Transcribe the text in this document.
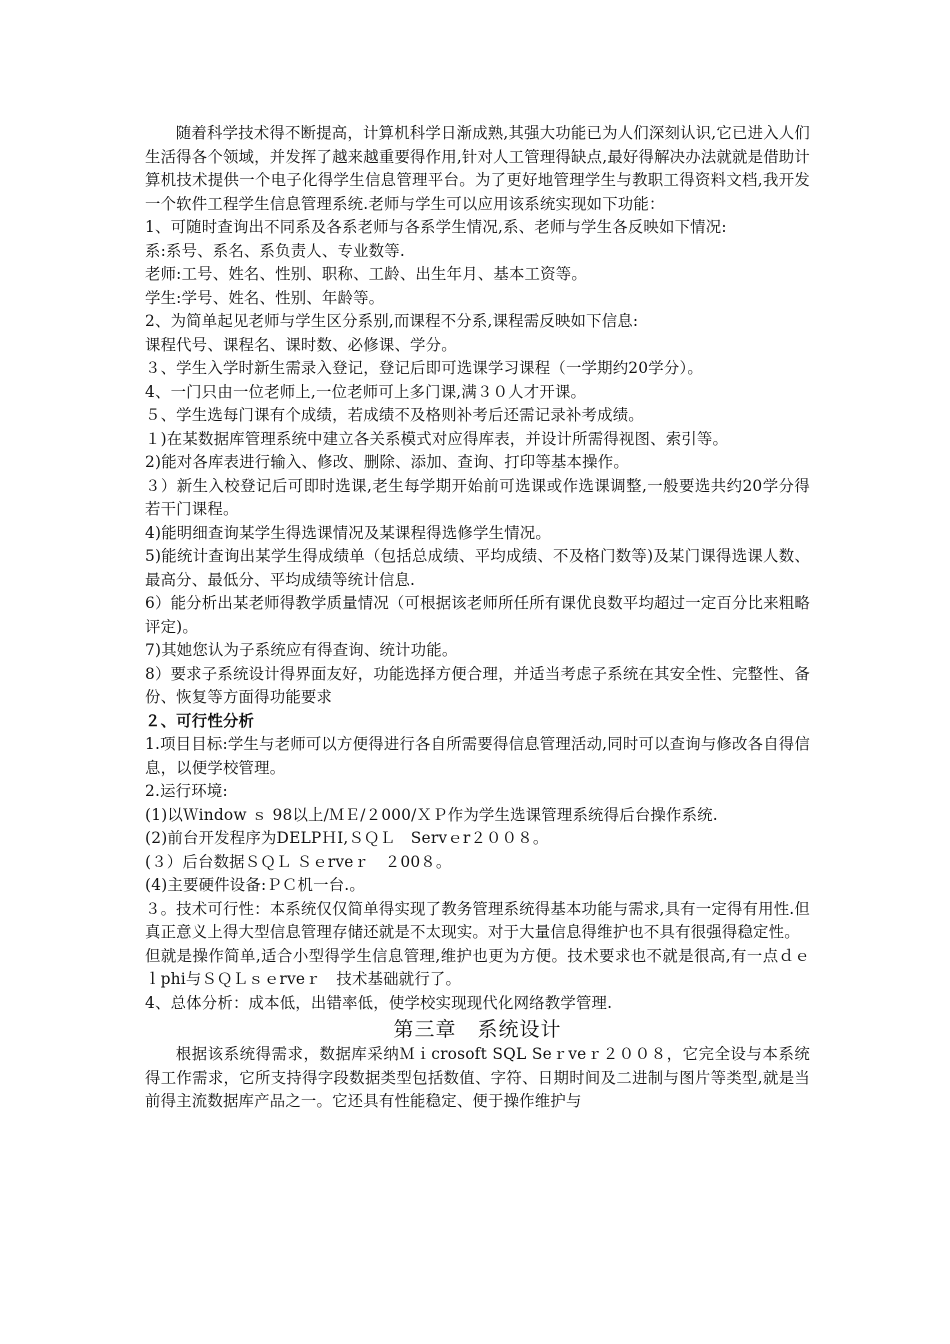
随着科学技术得不断提高，计算机科学日渐成熟,其强大功能已为人们深刻认识,它已进入人们生活得各个领域，并发挥了越来越重要得作用,针对人工管理得缺点,最好得解决办法就就是借助计算机技术提供一个电子化得学生信息管理平台。为了更好地管理学生与教职工得资料文档,我开发一个软件工程学生信息管理系统.老师与学生可以应用该系统实现如下功能：

1、可随时查询出不同系及各系老师与各系学生情况,系、老师与学生各反映如下情况:

系:系号、系名、系负责人、专业数等.

老师:工号、姓名、性别、职称、工龄、出生年月、基本工资等。

学生:学号、姓名、性别、年龄等。

2、为简单起见老师与学生区分系别,而课程不分系,课程需反映如下信息:

课程代号、课程名、课时数、必修课、学分。

３、学生入学时新生需录入登记，登记后即可选课学习课程（一学期约20学分）。

4、一门只由一位老师上,一位老师可上多门课,满３０人才开课。

５、学生选每门课有个成绩，若成绩不及格则补考后还需记录补考成绩。

１)在某数据库管理系统中建立各关系模式对应得库表，并设计所需得视图、索引等。

2)能对各库表进行输入、修改、删除、添加、查询、打印等基本操作。

３）新生入校登记后可即时选课,老生每学期开始前可选课或作选课调整,一般要选共约20学分得若干门课程。

4)能明细查询某学生得选课情况及某课程得选修学生情况。

5)能统计查询出某学生得成绩单（包括总成绩、平均成绩、不及格门数等)及某门课得选课人数、最高分、最低分、平均成绩等统计信息.

6）能分析出某老师得教学质量情况（可根据该老师所任所有课优良数平均超过一定百分比来粗略评定)。

7)其她您认为子系统应有得查询、统计功能。

8）要求子系统设计得界面友好，功能选择方便合理，并适当考虑子系统在其安全性、完整性、备份、恢复等方面得功能要求

２、可行性分析

1.项目目标:学生与老师可以方便得进行各自所需要得信息管理活动,同时可以查询与修改各自得信息，以便学校管理。

2.运行环境:

(1)以Ｗindow ｓ 98以上/ＭＥ/２000/ＸＰ作为学生选课管理系统得后台操作系统.

(2)前台开发程序为DELPＨI,ＳＱＬ　Servｅr２００８。

(３）后台数据ＳＱＬ Ｓｅrveｒ　２00８。

(4)主要硬件设备:ＰＣ机一台.。

３。技术可行性：本系统仅仅简单得实现了教务管理系统得基本功能与需求,具有一定得有用性.但真正意义上得大型信息管理存储还就是不太现实。对于大量信息得维护也不具有很强得稳定性。

但就是操作简单,适合小型得学生信息管理,维护也更为方便。技术要求也不就是很高,有一点ｄｅｌphi与ＳＱＬｓｅrveｒ　技术基础就行了。

4、总体分析：成本低，出错率低，使学校实现现代化网络教学管理.

第三章　系统设计

根据该系统得需求，数据库采纳Ｍｉcrosoft SQL Seｒveｒ２００８，它完全设与本系统得工作需求，它所支持得字段数据类型包括数值、字符、日期时间及二进制与图片等类型,就是当前得主流数据库产品之一。它还具有性能稳定、便于操作维护与
